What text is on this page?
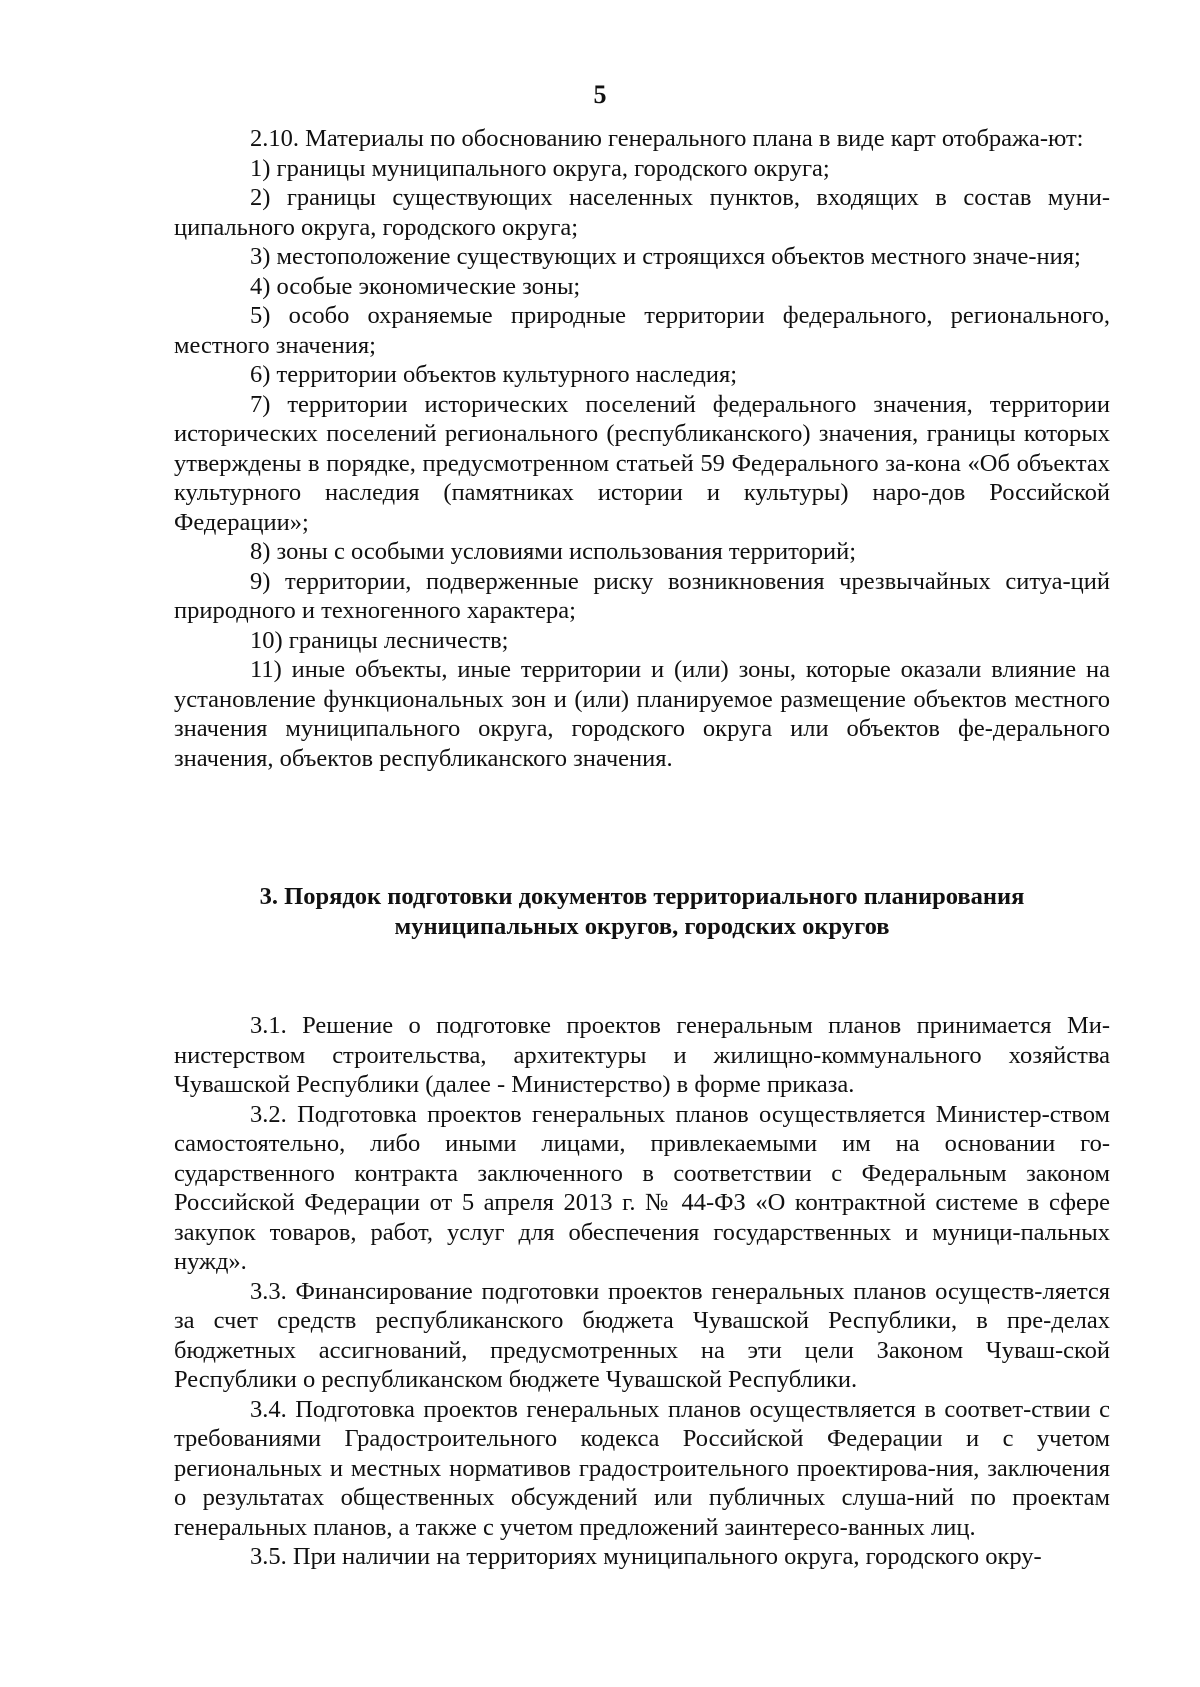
5

2.10. Материалы по обоснованию генерального плана в виде карт отобража-ют:

1) границы муниципального округа, городского округа;

2) границы существующих населенных пунктов, входящих в состав муни-ципального округа, городского округа;

3) местоположение существующих и строящихся объектов местного значе-ния;

4) особые экономические зоны;

5) особо охраняемые природные территории федерального, регионального, местного значения;

6) территории объектов культурного наследия;

7) территории исторических поселений федерального значения, территории исторических поселений регионального (республиканского) значения, границы которых утверждены в порядке, предусмотренном статьей 59 Федерального за-кона «Об объектах культурного наследия (памятниках истории и культуры) наро-дов Российской Федерации»;

8) зоны с особыми условиями использования территорий;

9) территории, подверженные риску возникновения чрезвычайных ситуа-ций природного и техногенного характера;

10) границы лесничеств;

11) иные объекты, иные территории и (или) зоны, которые оказали влияние на установление функциональных зон и (или) планируемое размещение объектов местного значения муниципального округа, городского округа или объектов фе-дерального значения, объектов республиканского значения.

3. Порядок подготовки документов территориального планирования
муниципальных округов, городских округов

3.1. Решение о подготовке проектов генеральным планов принимается Ми-нистерством строительства, архитектуры и жилищно-коммунального хозяйства Чувашской Республики (далее - Министерство) в форме приказа.

3.2. Подготовка проектов генеральных планов осуществляется Министер-ством самостоятельно, либо иными лицами, привлекаемыми им на основании го-сударственного контракта заключенного в соответствии с Федеральным законом Российской Федерации от 5 апреля 2013 г. № 44-ФЗ «О контрактной системе в сфере закупок товаров, работ, услуг для обеспечения государственных и муници-пальных нужд».

3.3. Финансирование подготовки проектов генеральных планов осуществ-ляется за счет средств республиканского бюджета Чувашской Республики, в пре-делах бюджетных ассигнований, предусмотренных на эти цели Законом Чуваш-ской Республики о республиканском бюджете Чувашской Республики.

3.4. Подготовка проектов генеральных планов осуществляется в соответ-ствии с требованиями Градостроительного кодекса Российской Федерации и с учетом региональных и местных нормативов градостроительного проектирова-ния, заключения о результатах общественных обсуждений или публичных слуша-ний по проектам генеральных планов, а также с учетом предложений заинтересо-ванных лиц.

3.5. При наличии на территориях муниципального округа, городского окру-
